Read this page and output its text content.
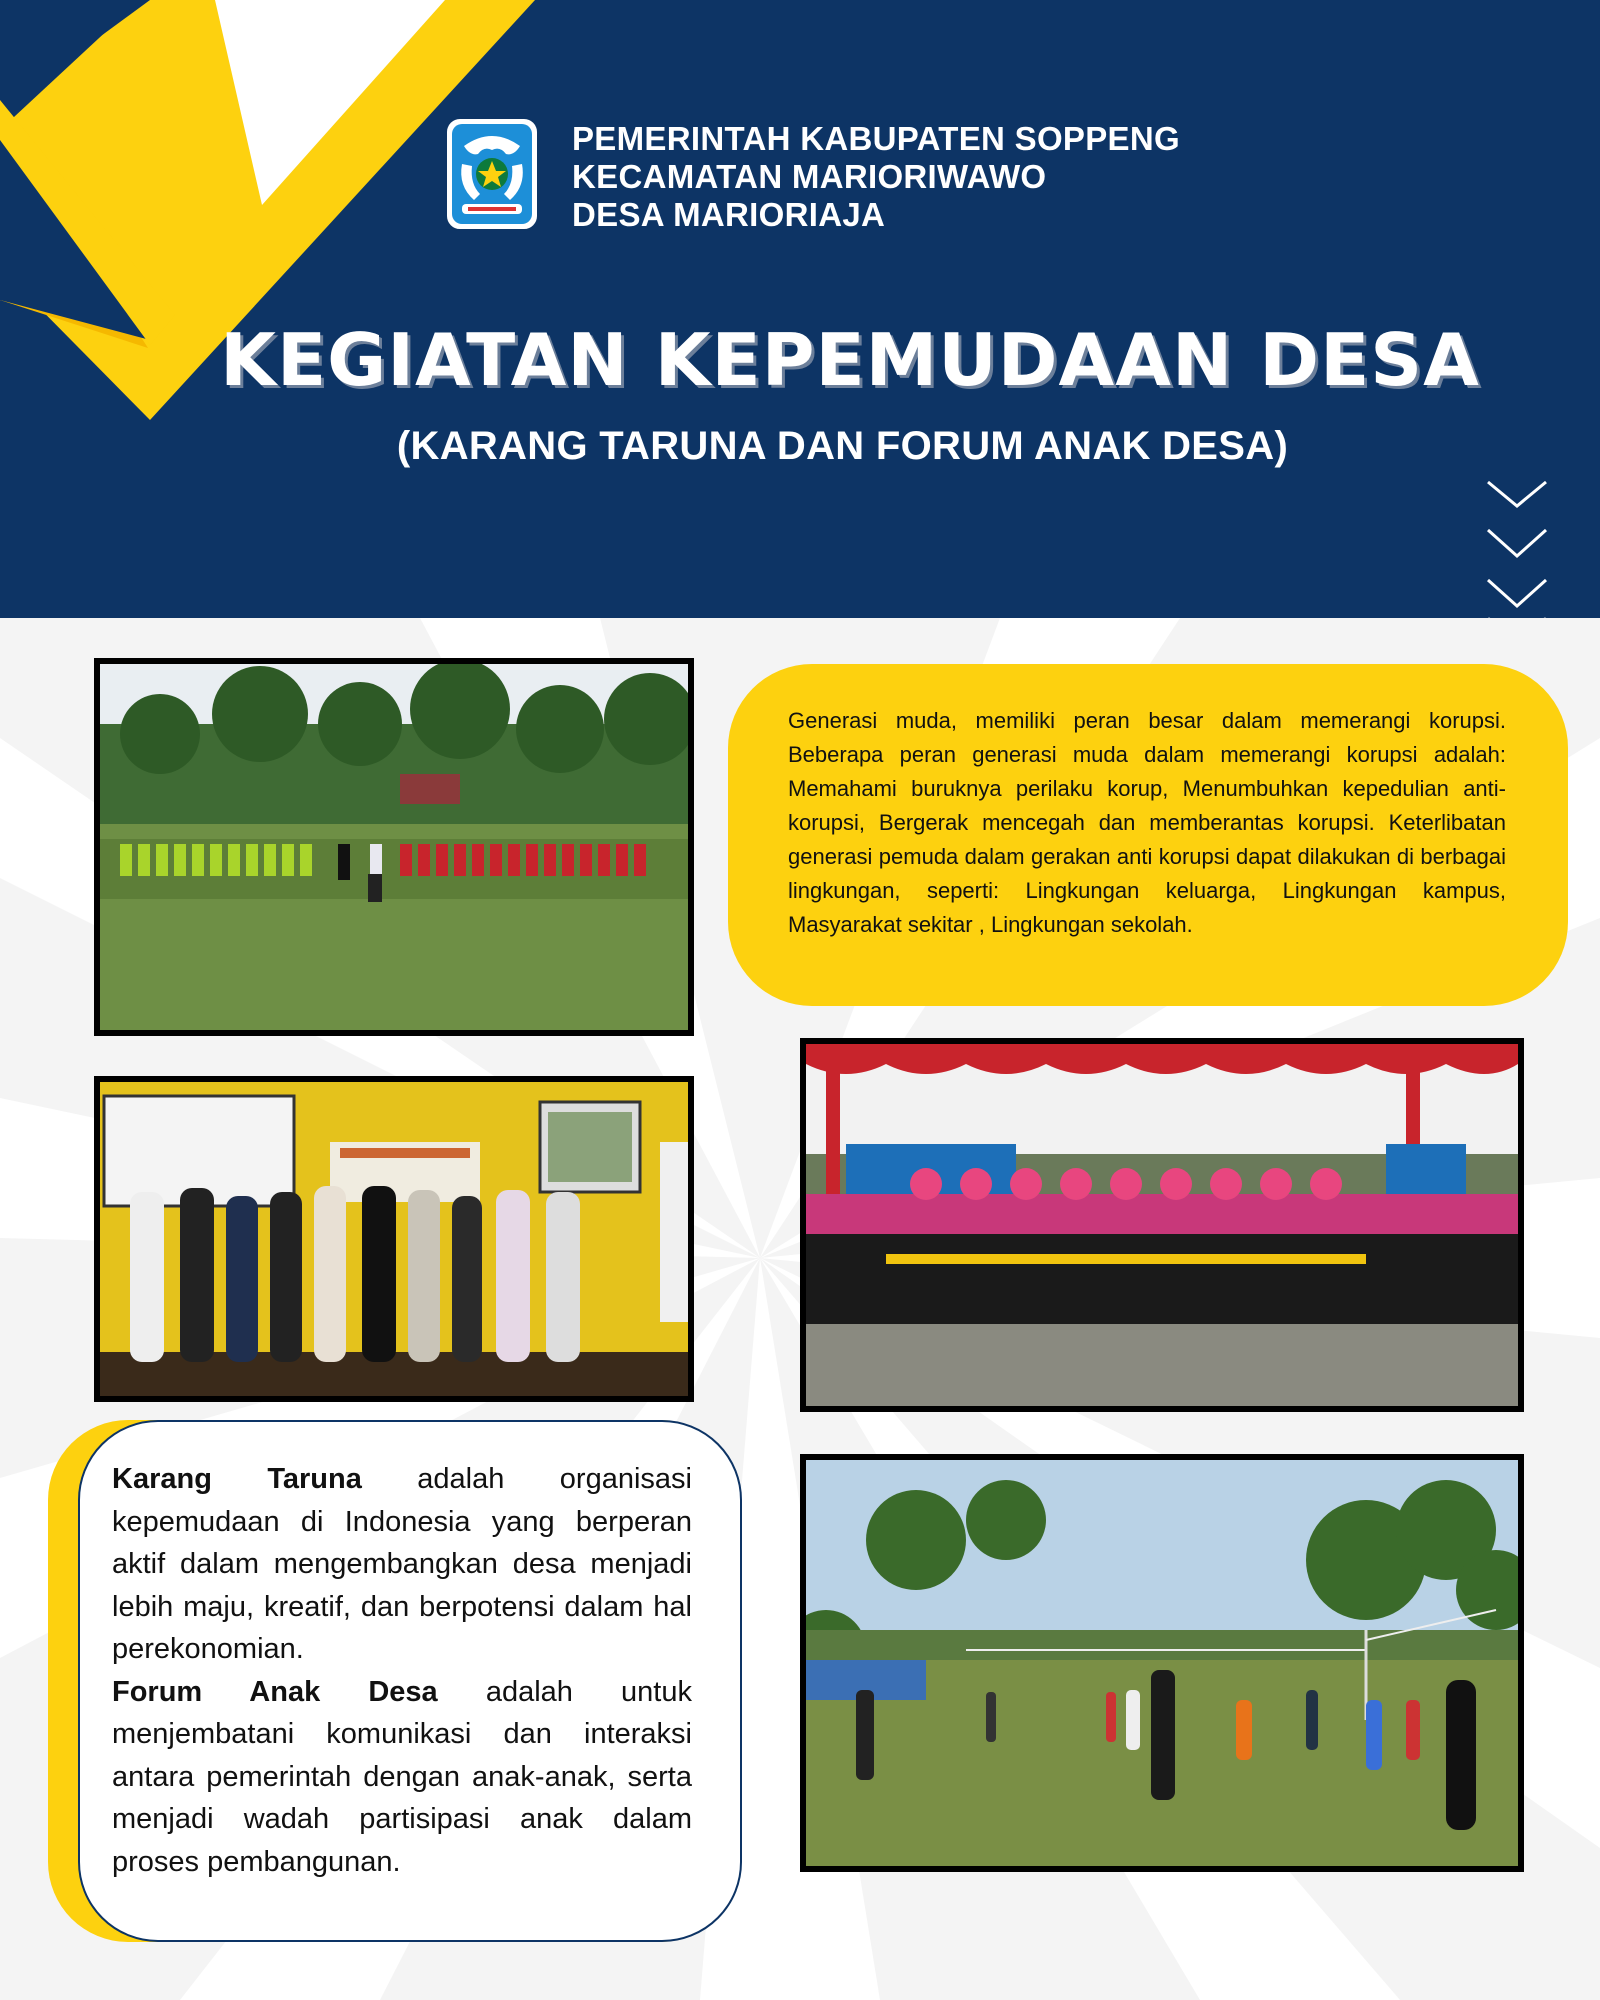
PEMERINTAH KABUPATEN SOPPENG
KECAMATAN MARIORIWAWO
DESA MARIORIAJA
KEGIATAN KEPEMUDAAN DESA
(KARANG TARUNA DAN FORUM ANAK DESA)

Generasi muda, memiliki peran besar dalam memerangi korupsi. Beberapa peran generasi muda dalam memerangi korupsi adalah: Memahami buruknya perilaku korup, Menumbuhkan kepedulian anti-korupsi, Bergerak mencegah dan memberantas korupsi. Keterlibatan generasi pemuda dalam gerakan anti korupsi dapat dilakukan di berbagai lingkungan, seperti: Lingkungan keluarga, Lingkungan kampus, Masyarakat sekitar , Lingkungan sekolah.

Karang Taruna adalah organisasi kepemudaan di Indonesia yang berperan aktif dalam mengembangkan desa menjadi lebih maju, kreatif, dan berpotensi dalam hal perekonomian.

Forum Anak Desa adalah untuk menjembatani komunikasi dan interaksi antara pemerintah dengan anak-anak, serta menjadi wadah partisipasi anak dalam proses pembangunan.
